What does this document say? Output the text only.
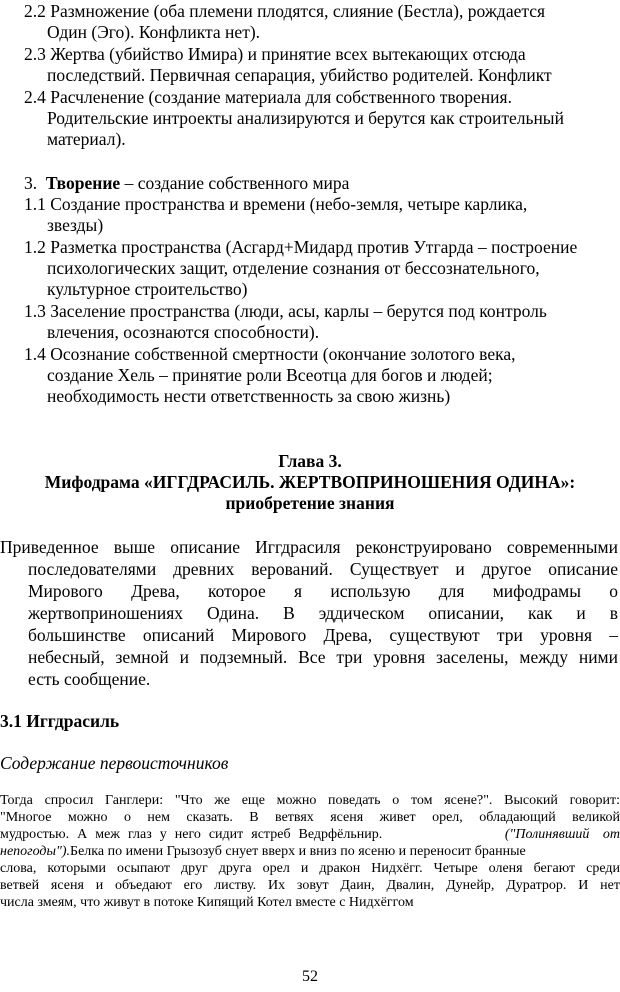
2.2 Размножение (оба племени плодятся, слияние (Бестла), рождается
Один (Эго). Конфликта нет).
2.3 Жертва (убийство Имира) и принятие всех вытекающих отсюда
последствий. Первичная сепарация, убийство родителей. Конфликт
2.4 Расчленение (создание материала для собственного творения.
Родительские интроекты анализируются и берутся как строительный
материал).
3. Творение – создание собственного мира
1.1 Создание пространства и времени (небо-земля, четыре карлика,
звезды)
1.2 Разметка пространства (Асгард+Мидард против Утгарда – построение
психологических защит, отделение сознания от бессознательного,
культурное строительство)
1.3 Заселение пространства (люди, асы, карлы – берутся под контроль
влечения, осознаются способности).
1.4 Осознание собственной смертности (окончание золотого века,
создание Хель – принятие роли Всеотца для богов и людей;
необходимость нести ответственность за свою жизнь)
Глава 3.
Мифодрама «ИГГДРАСИЛЬ. ЖЕРТВОПРИНОШЕНИЯ ОДИНА»:
приобретение знания
Приведенное выше описание Иггдрасиля реконструировано современными
последователями древних верований. Существует и другое описание
Мирового Древа, которое я использую для мифодрамы о
жертвоприношениях Одина. В эддическом описании, как и в
большинстве описаний Мирового Древа, существуют три уровня –
небесный, земной и подземный. Все три уровня заселены, между ними
есть сообщение.
3.1 Иггдрасиль
Содержание первоисточников
Тогда спросил Ганглери: "Что же еще можно поведать о том ясене?". Высокий говорит:
"Многое можно о нем сказать. В ветвях ясеня живет орел, обладающий великой
мудростью. А меж глаз у него сидит ястреб Ведрфёльнир.	("Полинявший от
непогоды").Белка по имени Грызозуб снует вверх и вниз по ясеню и переносит бранные
слова, которыми осыпают друг друга орел и дракон Нидхёгг. Четыре оленя бегают среди
ветвей ясеня и объедают его листву. Их зовут Даин, Двалин, Дунейр, Дуратрор. И нет
числа змеям, что живут в потоке Кипящий Котел вместе с Нидхёггом
52
